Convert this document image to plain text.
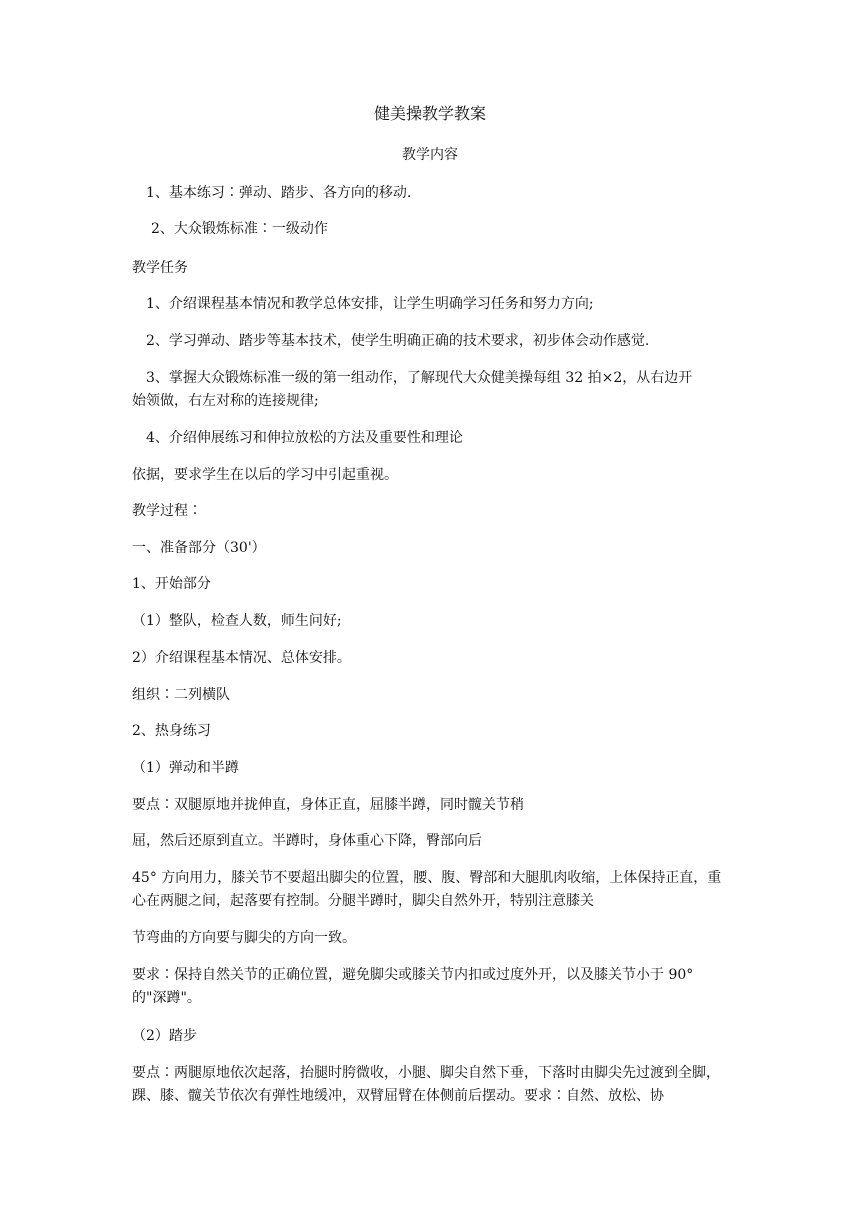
健美操教学教案
教学内容
1、基本练习∶弹动、踏步、各方向的移动.
2、大众锻炼标准∶一级动作
教学任务
1、介绍课程基本情况和教学总体安排，让学生明确学习任务和努力方向;
2、学习弹动、踏步等基本技术，使学生明确正确的技术要求，初步体会动作感觉.
3、掌握大众锻炼标准一级的第一组动作，了解现代大众健美操每组 32 拍×2，从右边开
始领做，右左对称的连接规律;
4、介绍伸展练习和伸拉放松的方法及重要性和理论
依据，要求学生在以后的学习中引起重视。
教学过程∶
一、准备部分（30'）
1、开始部分
（1）整队，检查人数，师生问好;
2）介绍课程基本情况、总体安排。
组织∶二列横队
2、热身练习
（1）弹动和半蹲
要点∶双腿原地并拢伸直，身体正直，屈膝半蹲，同时髋关节稍
屈，然后还原到直立。半蹲时，身体重心下降，臀部向后
45° 方向用力，膝关节不要超出脚尖的位置，腰、腹、臀部和大腿肌肉收缩，上体保持正直，重心在两腿之间，起落要有控制。分腿半蹲时，脚尖自然外开，特别注意膝关
节弯曲的方向要与脚尖的方向一致。
要求∶保持自然关节的正确位置，避免脚尖或膝关节内扣或过度外开，以及膝关节小于 90° 的"深蹲"。
（2）踏步
要点∶两腿原地依次起落，抬腿时胯微收，小腿、脚尖自然下垂，下落时由脚尖先过渡到全脚，踝、膝、髋关节依次有弹性地缓冲，双臂屈臂在体侧前后摆动。要求∶自然、放松、协
